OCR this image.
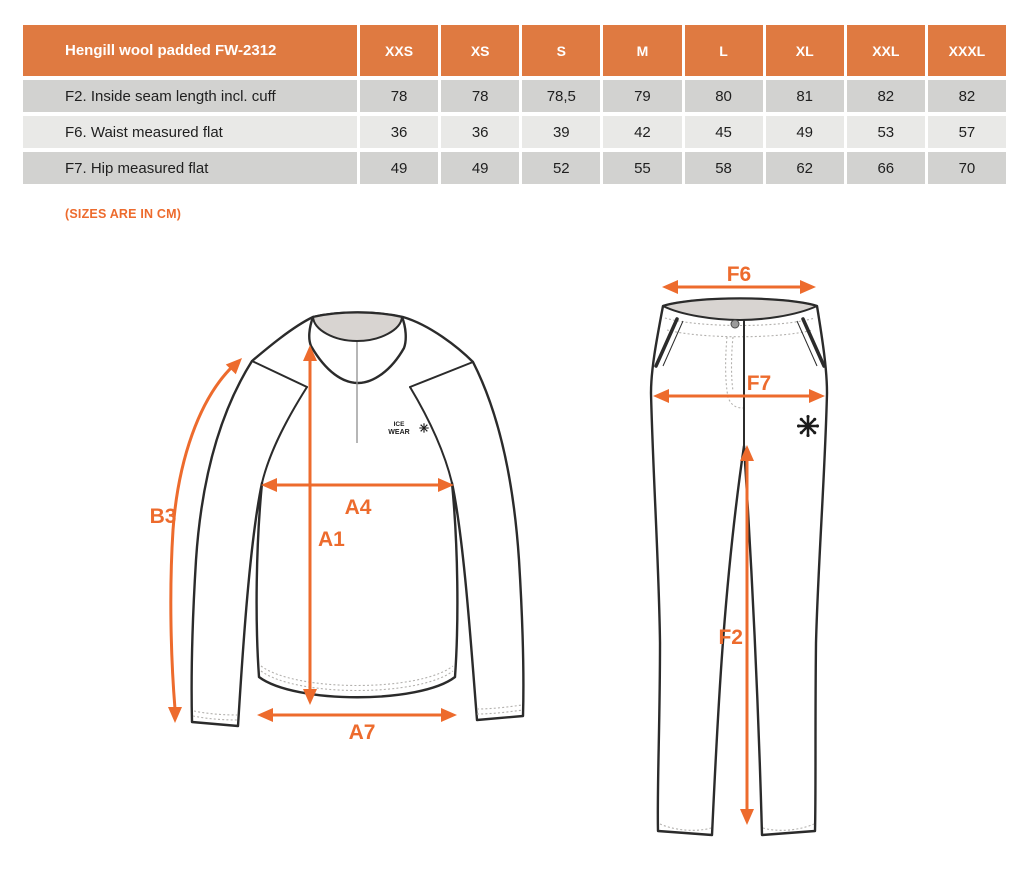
Hengill wool padded FW-2312	XXS	XS	S	M	L	XL	XXL	XXXL
F2. Inside seam length incl. cuff	78	78	78,5	79	80	81	82	82
F6. Waist measured flat	36	36	39	42	45	49	53	57
F7. Hip measured flat	49	49	52	55	58	62	66	70
(SIZES ARE IN CM)
ICE
WEAR
B3	A4
A1
A7
F6
F7
F2
